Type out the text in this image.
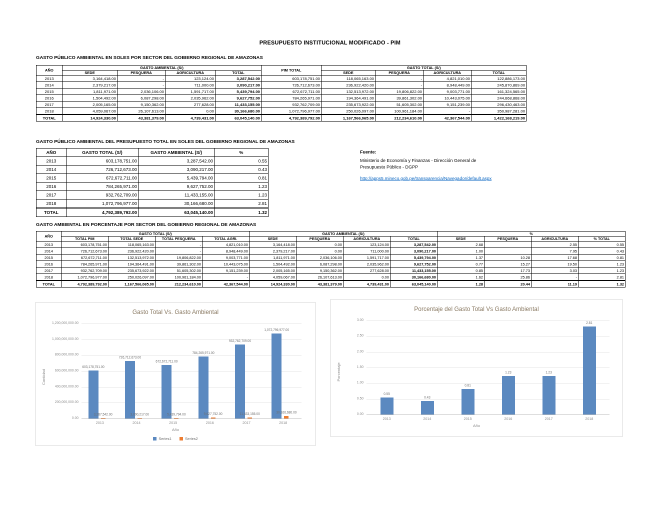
PRESUPUESTO INSTITUCIONAL MODIFICADO - PIM
GASTO PÚBLICO AMBIENTAL EN SOLES POR SECTOR DEL GOBIERNO REGIONAL DE AMAZONAS
AÑO	GASTO AMBIENTAL (S/)				PIM TOTAL	GASTO TOTAL (S/)			
	SEDE	PESQUERA	AGRICULTURA	TOTAL		SEDE	PESQUERA	AGRICULTURA	TOTAL
2013	3,164,418.00	-	123,124.00	3,287,542.00	603,178,751.00	118,065,163.00	-	4,821,010.00	122,886,173.00
2014	2,379,217.00	-	711,000.00	3,090,217.00	726,712,673.00	236,922,420.00	-	8,948,449.00	245,870,869.00
2015	1,811,971.00	2,036,106.00	1,591,717.00	5,439,794.00	672,672,711.00	132,513,972.00	19,806,822.00	9,003,771.00	161,324,565.00
2016	1,504,492.00	6,087,298.00	2,035,962.00	9,627,752.00	784,265,971.00	194,364,491.00	39,861,302.00	10,443,075.00	244,668,868.00
2017	2,005,165.00	9,150,362.00	277,628.00	11,433,155.00	932,762,709.00	235,673,922.00	51,605,302.00	9,151,239.00	296,430,463.00
2018	4,059,067.00	26,107,613.00	0.00	30,166,680.00	1,072,796,977.00	250,026,097.00	100,961,184.00	-	350,987,281.00
TOTAL	14,924,330.00	43,381,379.00	4,739,431.00	63,045,140.00	4,792,389,792.00	1,167,566,065.00	212,234,610.00	42,367,544.00	1,422,168,219.00
GASTO PÚBLICO AMBIENTAL DEL PRESUPUESTO TOTAL EN SOLES DEL GOBIERNO REGIONAL DE AMAZONAS
AÑO	GASTO TOTAL (S/)	GASTO AMBIENTAL (S/)	%
2013	603,178,751.00	3,287,542.00	0.55
2014	726,712,673.00	3,090,217.00	0.43
2015	672,672,711.00	5,439,794.00	0.81
2016	784,265,971.00	9,627,752.00	1.23
2017	932,762,709.00	11,433,155.00	1.23
2018	1,072,796,977.00	30,166,680.00	2.81
TOTAL	4,792,389,792.00	63,045,140.00	1.32
Fuente:
Ministerio de Economía y Finanzas - Dirección General de
Presupuesto Público - DGPP
http://apps5.mineco.gob.pe/transparencia/Navegador/default.aspx
GASTO AMBIENTAL EN PORCENTAJE POR SECTOR DEL GOBIERNO REGIONAL DE AMAZONAS
AÑO	GASTO TOTAL (S/)				GASTO AMBIENTAL (S/)				%			
	TOTAL PIM	TOTAL SEDE	TOTAL PESQUERA	TOTAL AGRI.	SEDE	PESQUERA	AGRICULTURA	TOTAL	SEDE	PESQUERA	AGRICULTURA	% TOTAL
2013	603,178,751.00	118,065,163.00	-	4,821,010.00	3,164,418.00	0.00	123,124.00	3,287,542.00	2.68		2.55	0.55
2014	726,712,673.00	236,922,420.00	-	8,948,449.00	2,379,217.00	0.00	711,000.00	3,090,217.00	1.00		7.95	0.43
2015	672,672,711.00	132,513,972.00	19,806,822.00	9,003,771.00	1,811,971.00	2,036,106.00	1,591,717.00	5,439,794.00	1.37	10.28	17.68	0.81
2016	784,265,971.00	194,364,491.00	39,861,302.00	10,443,075.00	1,504,492.00	6,087,298.00	2,035,962.00	9,627,752.00	0.77	15.27	19.50	1.23
2017	932,762,709.00	235,673,922.00	51,605,302.00	9,151,239.00	2,005,165.00	9,150,362.00	277,628.00	11,433,155.00	0.85	17.73	3.03	1.23
2018	1,072,796,977.00	250,026,097.00	100,961,184.00	-	4,059,067.00	26,107,613.00	0.00	30,166,680.00	1.62	25.86	-	2.81
TOTAL	4,792,389,792.00	1,167,566,065.00	212,234,610.00	42,367,544.00	14,924,330.00	43,381,379.00	4,739,431.00	63,045,140.00	1.28	20.44	11.19	1.32
Gasto Total Vs. Gasto Ambiental
Cantidad
0.00
200,000,000.00
400,000,000.00
600,000,000.00
800,000,000.00
1,000,000,000.00
1,200,000,000.00
2013	2014	2015	2016	2017	2018
603,178,751.00
726,712,673.00
672,672,711.00
784,265,971.00
932,762,709.00
1,072,796,977.00
3,287,542.00	3,090,217.00	5,439,794.00	9,627,752.00	11,433,155.00	30,166,680.00
Año
Series1 Series2
Porcentaje del Gasto Total Vs Gasto Ambiental
Porcentaje
0.00
0.50
1.00
1.50
2.00
2.50
3.00
2013	2014	2015	2016	2017	2018
0.55
0.43
0.81
1.23	1.23
2.81
Año
